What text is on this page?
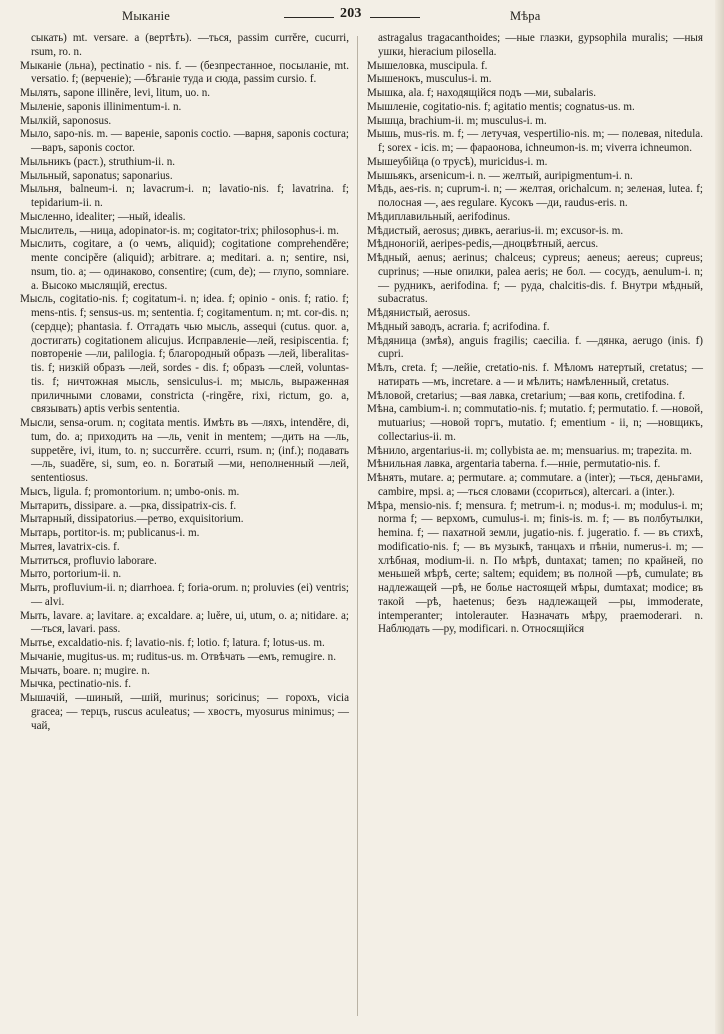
Мыканіе	203	Мѣра

сыкать) mt. versare. a (вертѣть). —ться, passim currĕre, cucurri, rsum, ro. n.

Мыканіе (льна), pectinatio - nis. f. — (безпрестанное, посыланіе, mt. versatio. f; (верченіе); —бѣганіе туда и сюда, passim cursio. f.

Мылять, sapone illinĕre, levi, litum, uo. n.

Мыленіе, saponis illinimentum-i. n.

Мылкій, saponosus.

Мыло, sapo-nis. m. — вареніе, saponis coctio. —варня, saponis coctura; —варъ, saponis coctor.

Мыльникъ (раст.), struthium-ii. n.

Мыльный, saponatus; saponarius.

Мыльня, balneum-i. n; lavacrum-i. n; lavatio-nis. f; lavatrina. f; tepidarium-ii. n.

Мысленно, idealiter; —ный, idealis.

Мыслитель, —ница, adopinator-is. m; cogitator-trix; philosophus-i. m.

Мыслить, cogitare, a (о чемъ, aliquid); cogitatione comprehendĕre; mente concipĕre (aliquid); arbitrare. a; meditari. a. n; sentire, nsi, nsum, tio. a; — одинаково, consentire; (cum, de); — глупо, somniare. a. Высоко мыслящій, erectus.

Мысль, cogitatio-nis. f; cogitatum-i. n; idea. f; opinio - onis. f; ratio. f; mens-ntis. f; sensus-us. m; sententia. f; cogitamentum. n; mt. cor-dis. n; (сердце); phantasia. f. Отгадать чью мысль, assequi (cutus. quor. a, достигать) cogitationem alicujus. Исправленіе—лей, resipiscentia. f; повтореніе —ли, palilogia. f; благородный образъ —лей, liberalitas-tis. f; низкій образъ —лей, sordes - dis. f; образъ —слей, voluntas-tis. f; ничтожная мысль, sensiculus-i. m; мысль, выраженная приличными словами, constricta (-ringĕre, rixi, rictum, go. a, связывать) aptis verbis sententia.

Мысли, sensa-orum. n; cogitata mentis. Имѣть въ —ляхъ, intendĕre, di, tum, do. a; приходить на —ль, venit in mentem; —дить на —ль, suppetĕre, ivi, itum, to. n; succurrĕre. ccurri, rsum. n; (inf.); подавать —ль, suadĕre, si, sum, eo. n. Богатый —ми, неполненный —лей, sententiosus.

Мысъ, ligula. f; promontorium. n; umbo-onis. m.

Мытарить, dissipare. a. —рка, dissipatrix-cis. f.

Мытарный, dissipatorius.—ретво, exquisitorium.

Мытарь, portitor-is. m; publicanus-i. m.

Мытея, lavatrix-cis. f.

Мытиться, profluvio laborare.

Мыто, portorium-ii. n.

Мыть, profluvium-ii. n; diarrhoea. f; foria-orum. n; proluvies (ei) ventris; — alvi.

Мыть, lavare. a; lavitare. a; excaldare. a; luĕre, ui, utum, o. a; nitidare. a; —ться, lavari. pass.

Мытье, excaldatio-nis. f; lavatio-nis. f; lotio. f; latura. f; lotus-us. m.

Мычаніе, mugitus-us. m; ruditus-us. m. Отвѣчать —емъ, remugire. n.

Мычать, boare. n; mugire. n.

Мычка, pectinatio-nis. f.

Мышачій, —шиный, —шій, murinus; soricinus; — горохъ, vicia gracea; — терцъ, ruscus aculeatus; — хвостъ, myosurus minimus; — чай,

astragalus tragacanthoides; —ные глазки, gypsophila muralis; —ныя ушки, hieracium pilosella.

Мышеловка, muscipula. f.

Мышенокъ, musculus-i. m.

Мышка, ala. f; находящійся подъ —ми, subalaris.

Мышленіе, cogitatio-nis. f; agitatio mentis; cognatus-us. m.

Мышца, brachium-ii. m; musculus-i. m.

Мышь, mus-ris. m. f; — летучая, vespertilio-nis. m; — полевая, nitedula. f; sorex - icis. m; — фараонова, ichneumon-is. m; viverra ichneumon.

Мышеубійца (о трусѣ), muricidus-i. m.

Мышьякъ, arsenicum-i. n. — желтый, auripigmentum-i. n.

Мѣдь, aes-ris. n; cuprum-i. n; — желтая, orichalcum. n; зеленая, lutea. f; полосная —, aes regulare. Кусокъ —ди, raudus-eris. n.

Мѣдиплавильный, aerifodinus.

Мѣдистый, aerosus; дивкъ, aerarius-ii. m; excusor-is. m.

Мѣдноногій, aeripes-pedis,—дноцвѣтный, aercus.

Мѣдный, aenus; aerinus; chalceus; cypreus; aeneus; aereus; cupreus; cuprinus; —ные опилки, palea aeris; не бол. — сосудъ, aenulum-i. n; — рудникъ, aerifodina. f; — руда, chalcitis-dis. f. Внутри мѣдный, subacratus.

Мѣдянистый, aerosus.

Мѣдный заводъ, acraria. f; acrifodina. f.

Мѣдяница (змѣя), anguis fragilis; caecilia. f. —дянка, aerugo (inis. f) cupri.

Мѣлъ, creta. f; —лейіе, cretatio-nis. f. Мѣломъ натертый, cretatus; — натирать —мъ, incretare. a — и мѣлить; намѣленный, cretatus.

Мѣловой, cretarius; —вая лавка, cretarium; —вая копь, cretifodina. f.

Мѣна, cambium-i. n; commutatio-nis. f; mutatio. f; permutatio. f. —новой, mutuarius; —новой торгъ, mutatio. f; ementium - ii, n; —новщикъ, collectarius-ii. m.

Мѣнило, argentarius-ii. m; collybista ae. m; mensuarius. m; trapezita. m.

Мѣнильная лавка, argentaria taberna. f.—нніе, permutatio-nis. f.

Мѣнять, mutare. a; permutare. a; commutare. a (inter); —ться, деньгами, cambire, mpsi. a; —ться словами (ссориться), altercari. a (inter.).

Мѣра, mensio-nis. f; mensura. f; metrum-i. n; modus-i. m; modulus-i. m; norma f; — верхомъ, cumulus-i. m; finis-is. m. f; — въ полбутылки, hemina. f; — пахатной земли, jugatio-nis. f. jugeratio. f. — въ стихѣ, modificatio-nis. f; — въ музыкѣ, танцахъ и пѣніи, numerus-i. m; — хлѣбная, modium-ii. n. По мѣрѣ, duntaxat; tamen; по крайней, по меньшей мѣрѣ, certe; saltem; equidem; въ полной —рѣ, cumulate; въ надлежащей —рѣ, не болье настоящей мѣры, dumtaxat; modice; въ такой —рѣ, haetenus; безъ надлежащей —ры, immoderate, intemperanter; intolerauter. Назначать мѣру, praemoderari. n. Наблюдать —ру, modificari. n. Относящійся
